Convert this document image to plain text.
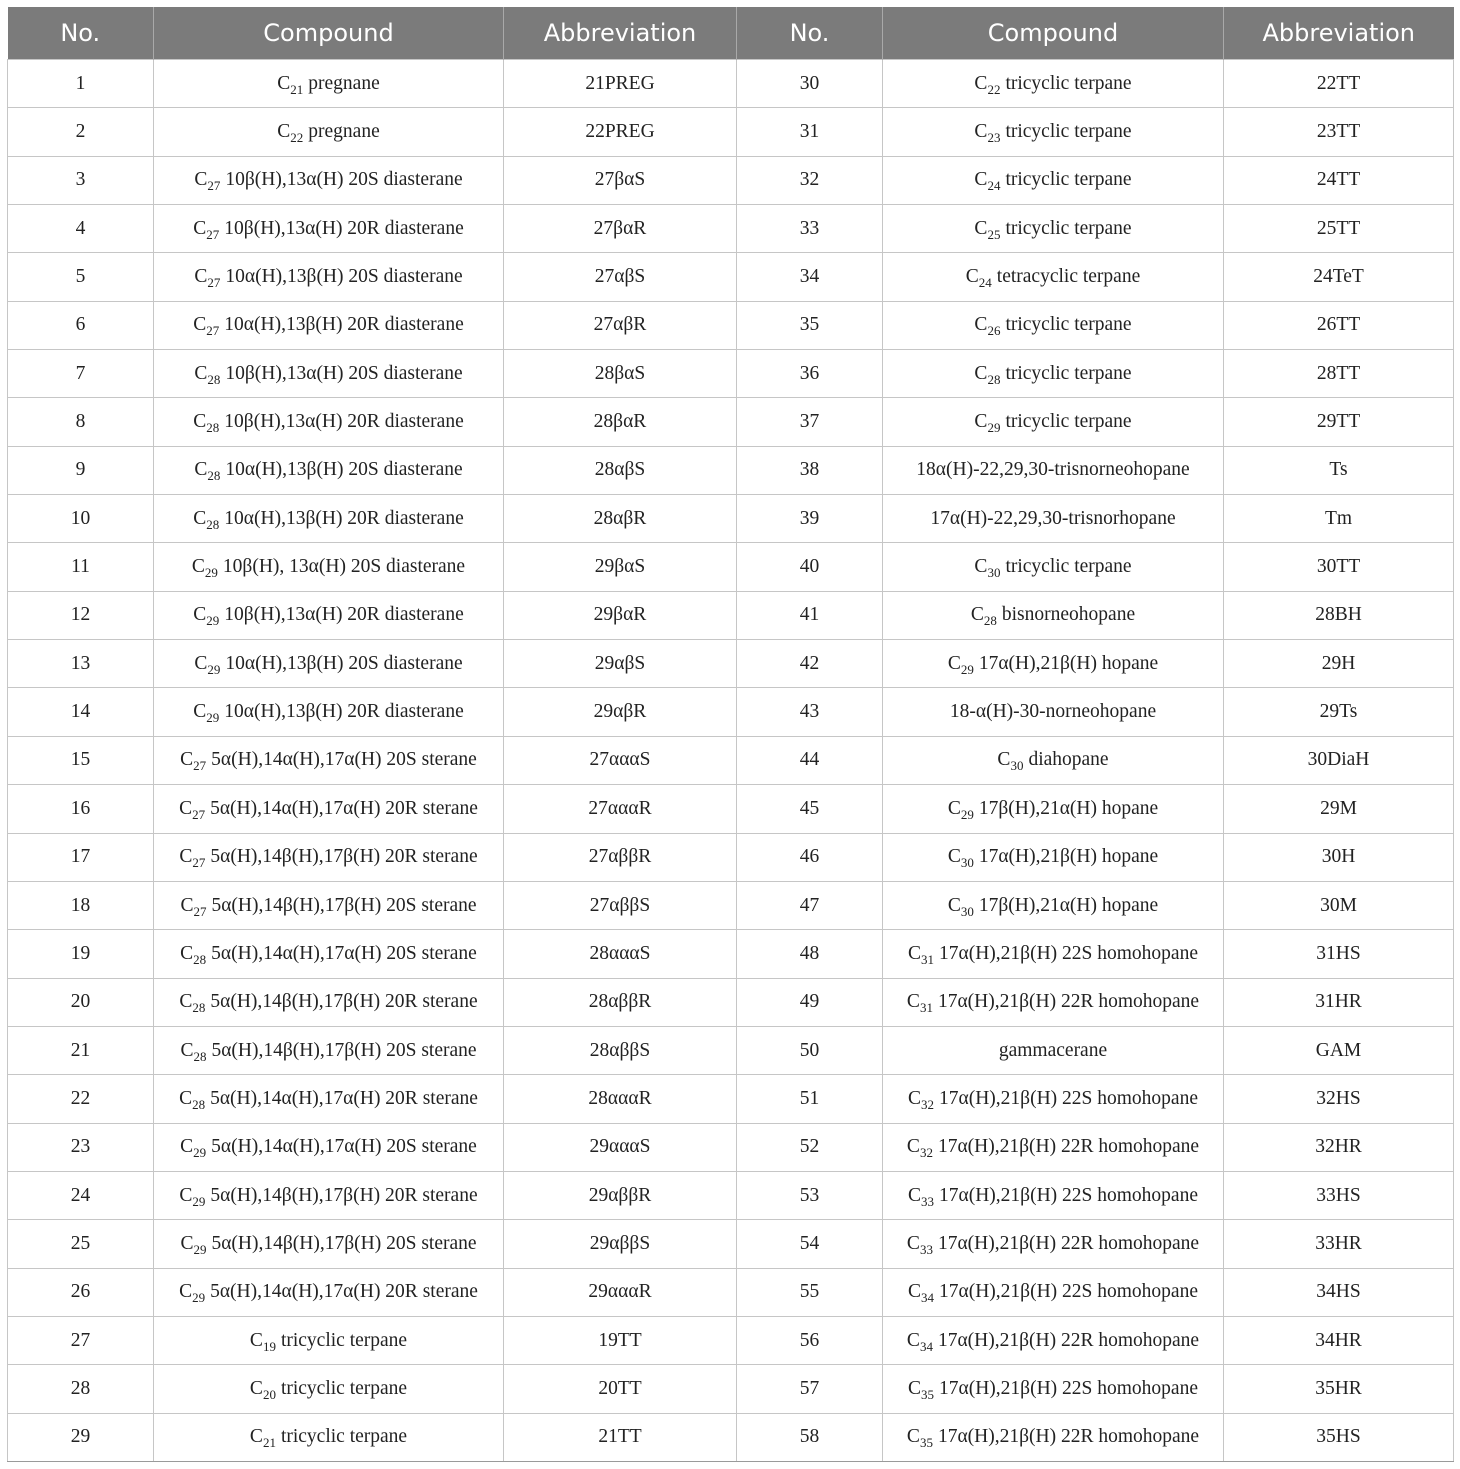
No.	Compound	Abbreviation	No.	Compound	Abbreviation
1	$C_{21}$ pregnane	21PREG	30	$C_{22}$ tricyclic terpane	22TT
2	$C_{22}$ pregnane	22PREG	31	$C_{23}$ tricyclic terpane	23TT
3	$C_{27}$ 10β(H),13α(H) 20S diasterane	27βαS	32	$C_{24}$ tricyclic terpane	24TT
4	$C_{27}$ 10β(H),13α(H) 20R diasterane	27βαR	33	$C_{25}$ tricyclic terpane	25TT
5	$C_{27}$ 10α(H),13β(H) 20S diasterane	27αβS	34	$C_{24}$ tetracyclic terpane	24TeT
6	$C_{27}$ 10α(H),13β(H) 20R diasterane	27αβR	35	$C_{26}$ tricyclic terpane	26TT
7	$C_{28}$ 10β(H),13α(H) 20S diasterane	28βαS	36	$C_{28}$ tricyclic terpane	28TT
8	$C_{28}$ 10β(H),13α(H) 20R diasterane	28βαR	37	$C_{29}$ tricyclic terpane	29TT
9	$C_{28}$ 10α(H),13β(H) 20S diasterane	28αβS	38	18α(H)-22,29,30-trisnorneohopane	Ts
10	$C_{28}$ 10α(H),13β(H) 20R diasterane	28αβR	39	17α(H)-22,29,30-trisnorhopane	Tm
11	$C_{29}$ 10β(H), 13α(H) 20S diasterane	29βαS	40	$C_{30}$ tricyclic terpane	30TT
12	$C_{29}$ 10β(H),13α(H) 20R diasterane	29βαR	41	$C_{28}$ bisnorneohopane	28BH
13	$C_{29}$ 10α(H),13β(H) 20S diasterane	29αβS	42	$C_{29}$ 17α(H),21β(H) hopane	29H
14	$C_{29}$ 10α(H),13β(H) 20R diasterane	29αβR	43	18-α(H)-30-norneohopane	29Ts
15	$C_{27}$ 5α(H),14α(H),17α(H) 20S sterane	27αααS	44	$C_{30}$ diahopane	30DiaH
16	$C_{27}$ 5α(H),14α(H),17α(H) 20R sterane	27αααR	45	$C_{29}$ 17β(H),21α(H) hopane	29M
17	$C_{27}$ 5α(H),14β(H),17β(H) 20R sterane	27αββR	46	$C_{30}$ 17α(H),21β(H) hopane	30H
18	$C_{27}$ 5α(H),14β(H),17β(H) 20S sterane	27αββS	47	$C_{30}$ 17β(H),21α(H) hopane	30M
19	$C_{28}$ 5α(H),14α(H),17α(H) 20S sterane	28αααS	48	$C_{31}$ 17α(H),21β(H) 22S homohopane	31HS
20	$C_{28}$ 5α(H),14β(H),17β(H) 20R sterane	28αββR	49	$C_{31}$ 17α(H),21β(H) 22R homohopane	31HR
21	$C_{28}$ 5α(H),14β(H),17β(H) 20S sterane	28αββS	50	gammacerane	GAM
22	$C_{28}$ 5α(H),14α(H),17α(H) 20R sterane	28αααR	51	$C_{32}$ 17α(H),21β(H) 22S homohopane	32HS
23	$C_{29}$ 5α(H),14α(H),17α(H) 20S sterane	29αααS	52	$C_{32}$ 17α(H),21β(H) 22R homohopane	32HR
24	$C_{29}$ 5α(H),14β(H),17β(H) 20R sterane	29αββR	53	$C_{33}$ 17α(H),21β(H) 22S homohopane	33HS
25	$C_{29}$ 5α(H),14β(H),17β(H) 20S sterane	29αββS	54	$C_{33}$ 17α(H),21β(H) 22R homohopane	33HR
26	$C_{29}$ 5α(H),14α(H),17α(H) 20R sterane	29αααR	55	$C_{34}$ 17α(H),21β(H) 22S homohopane	34HS
27	$C_{19}$ tricyclic terpane	19TT	56	$C_{34}$ 17α(H),21β(H) 22R homohopane	34HR
28	$C_{20}$ tricyclic terpane	20TT	57	$C_{35}$ 17α(H),21β(H) 22S homohopane	35HR
29	$C_{21}$ tricyclic terpane	21TT	58	$C_{35}$ 17α(H),21β(H) 22R homohopane	35HS
